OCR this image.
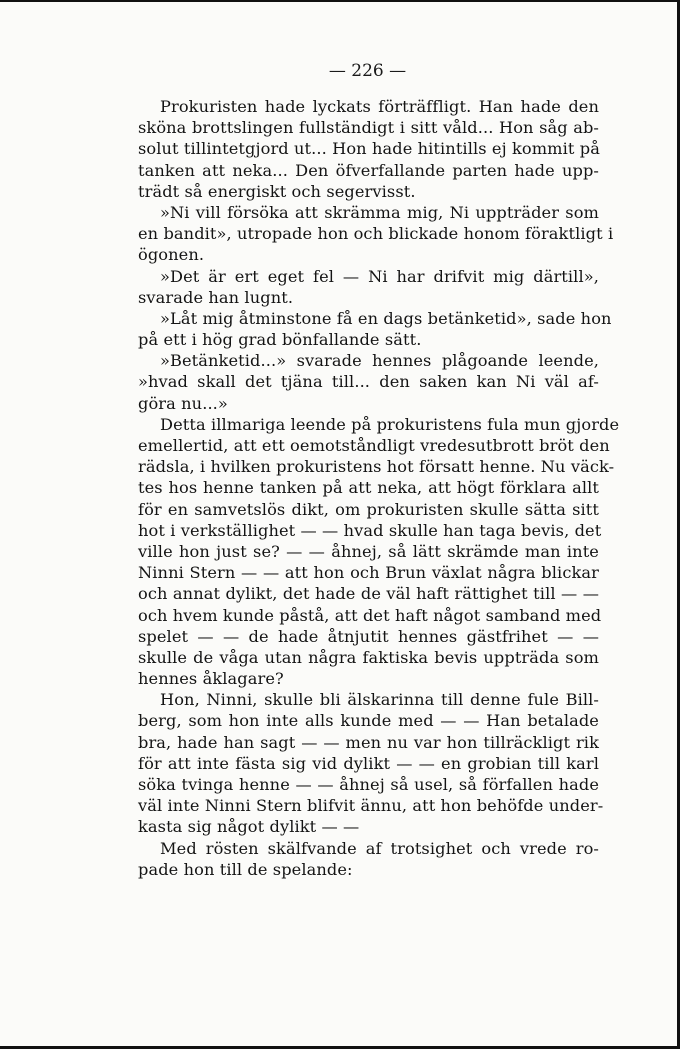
— 226 —
Prokuristen hade lyckats förträffligt. Han hade den
sköna brottslingen fullständigt i sitt våld... Hon såg ab-
solut tillintetgjord ut... Hon hade hitintills ej kommit på
tanken att neka... Den öfverfallande parten hade upp-
trädt så energiskt och segervisst.
»Ni vill försöka att skrämma mig, Ni uppträder som
en bandit», utropade hon och blickade honom föraktligt i
ögonen.
»Det är ert eget fel — Ni har drifvit mig därtill»,
svarade han lugnt.
»Låt mig åtminstone få en dags betänketid», sade hon
på ett i hög grad bönfallande sätt.
»Betänketid...» svarade hennes plågoande leende,
»hvad skall det tjäna till... den saken kan Ni väl af-
göra nu...»
Detta illmariga leende på prokuristens fula mun gjorde
emellertid, att ett oemotståndligt vredesutbrott bröt den
rädsla, i hvilken prokuristens hot försatt henne. Nu väck-
tes hos henne tanken på att neka, att högt förklara allt
för en samvetslös dikt, om prokuristen skulle sätta sitt
hot i verkställighet — — hvad skulle han taga bevis, det
ville hon just se? — — åhnej, så lätt skrämde man inte
Ninni Stern — — att hon och Brun växlat några blickar
och annat dylikt, det hade de väl haft rättighet till — —
och hvem kunde påstå, att det haft något samband med
spelet — — de hade åtnjutit hennes gästfrihet — —
skulle de våga utan några faktiska bevis uppträda som
hennes åklagare?
Hon, Ninni, skulle bli älskarinna till denne fule Bill-
berg, som hon inte alls kunde med — — Han betalade
bra, hade han sagt — — men nu var hon tillräckligt rik
för att inte fästa sig vid dylikt — — en grobian till karl
söka tvinga henne — — åhnej så usel, så förfallen hade
väl inte Ninni Stern blifvit ännu, att hon behöfde under-
kasta sig något dylikt — —
Med rösten skälfvande af trotsighet och vrede ro-
pade hon till de spelande:
